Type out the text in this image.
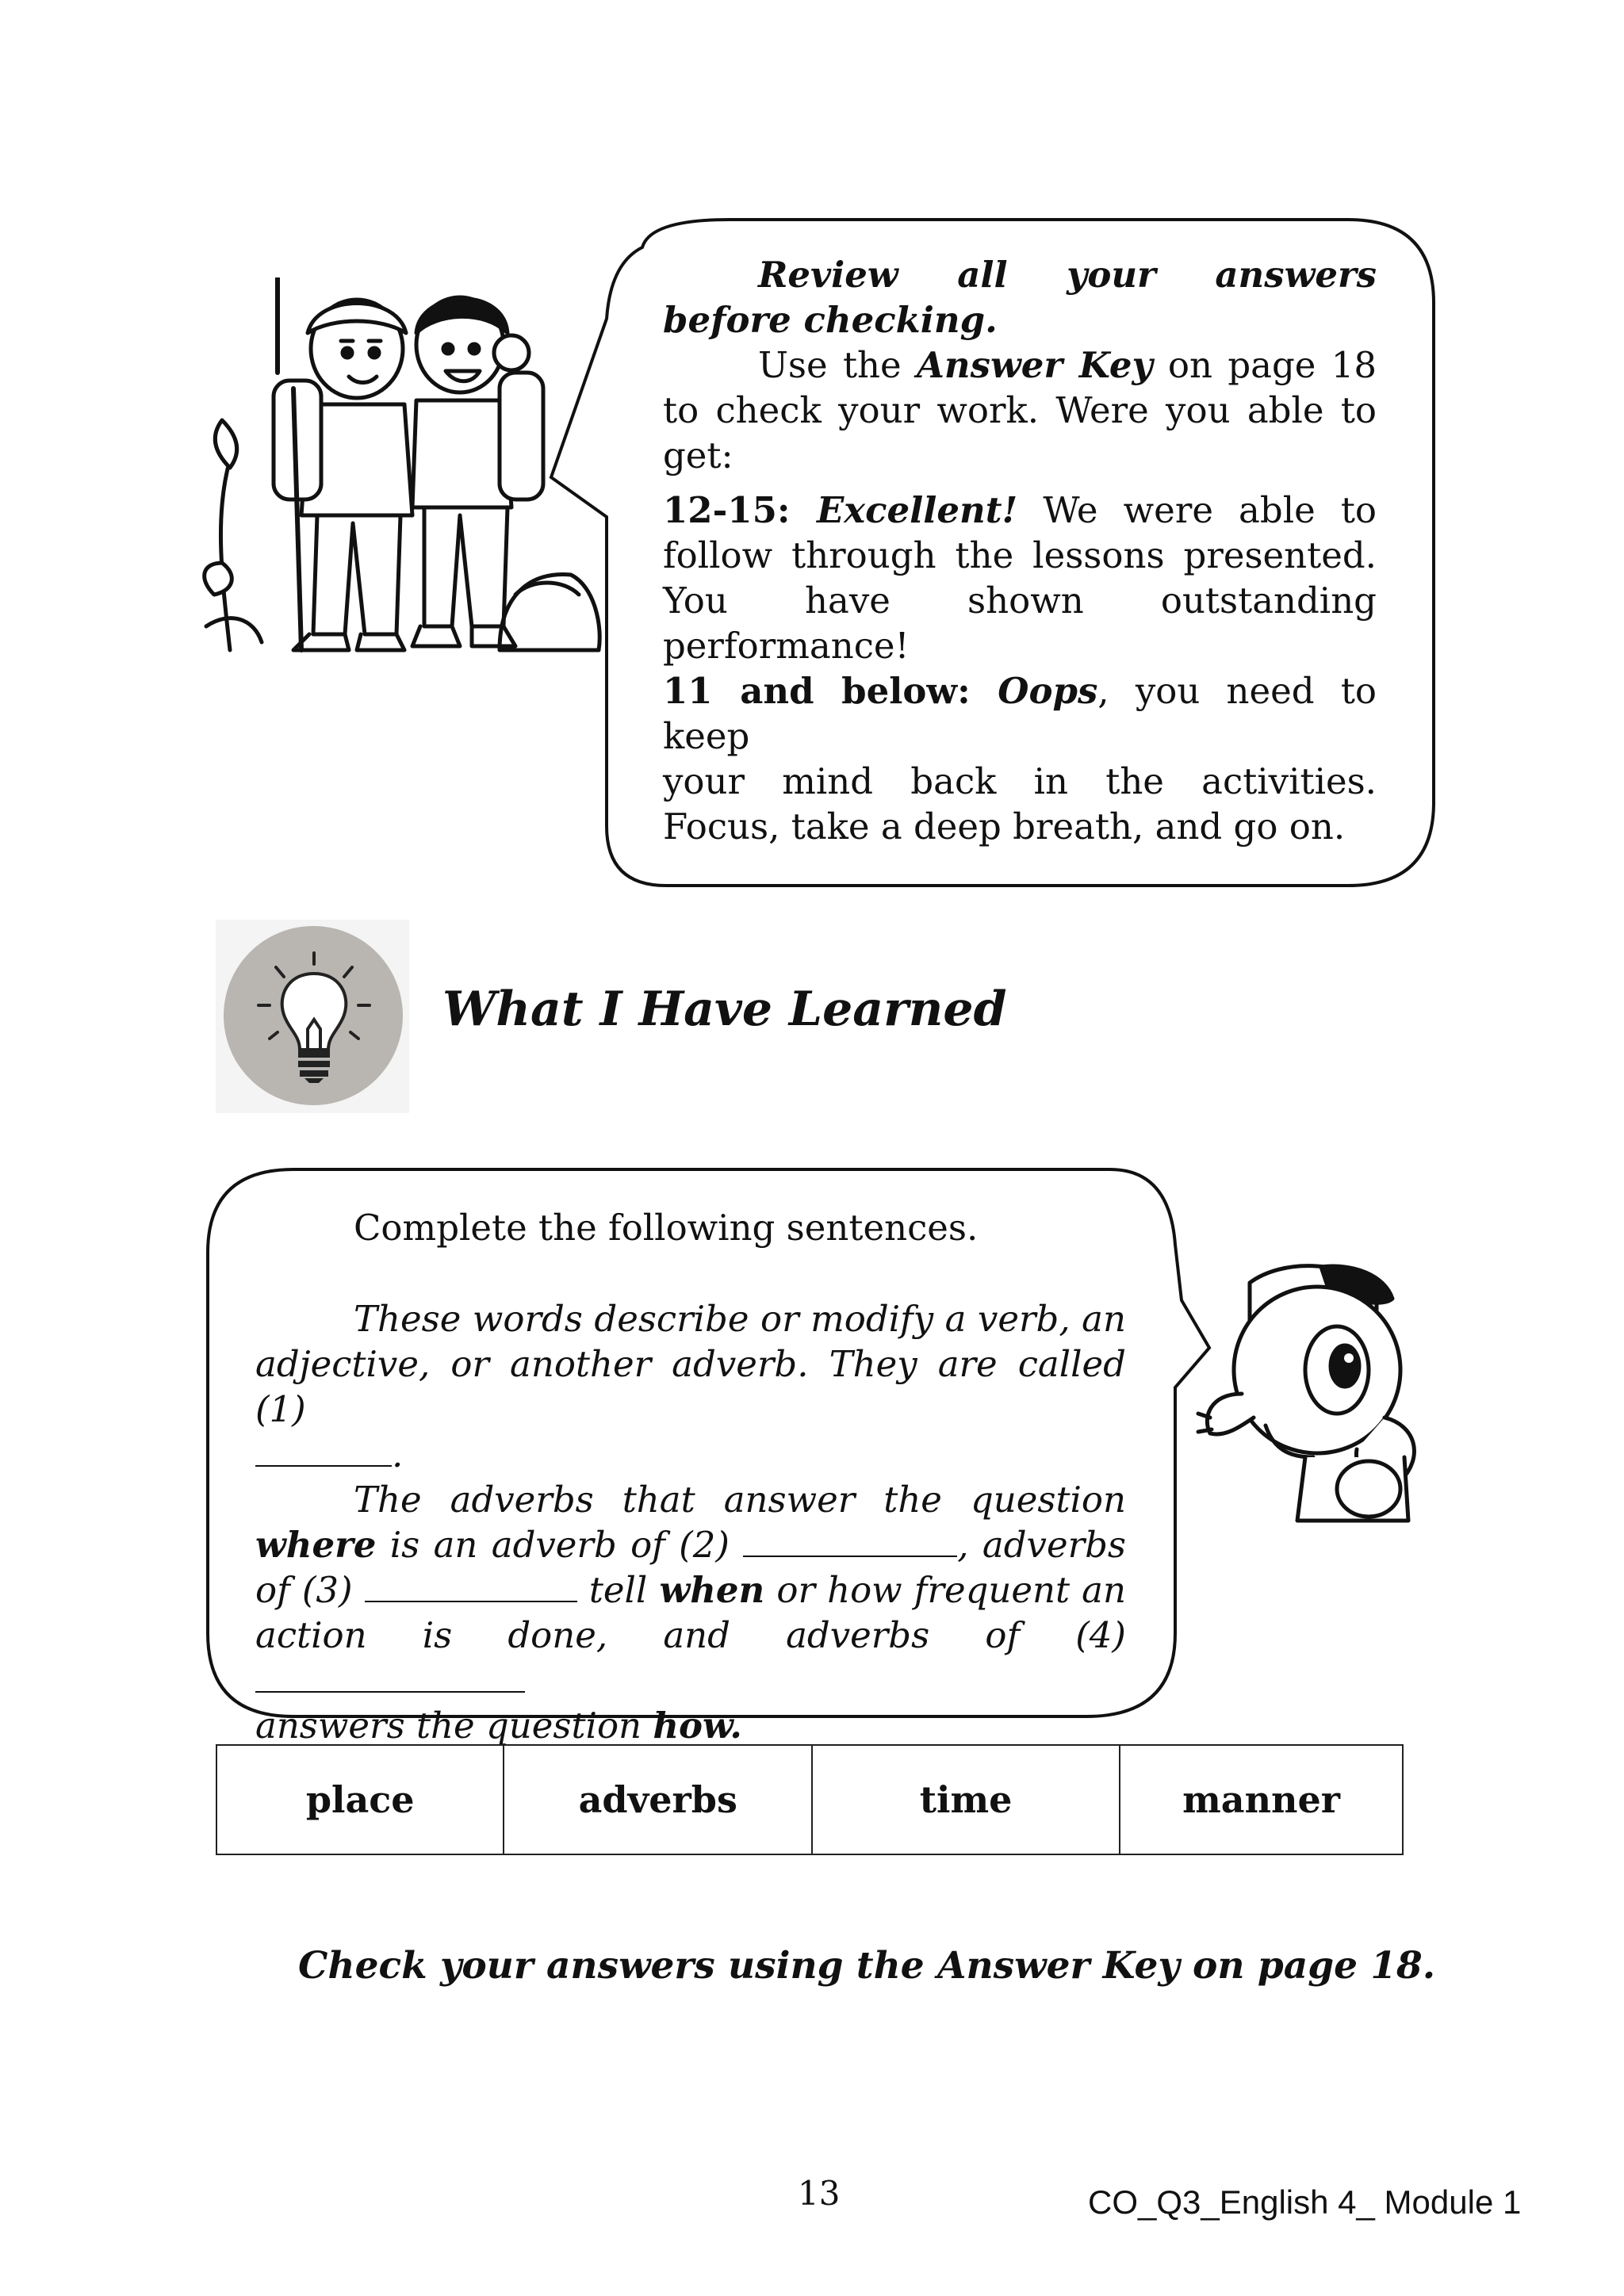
Review all your answers

before checking.

Use the Answer Key on page 18

to check your work. Were you able to

get:

12-15: Excellent! We were able to

follow through the lessons presented.

You have shown outstanding

performance!

11 and below: Oops, you need to keep

your mind back in the activities.

Focus, take a deep breath, and go on.

What I Have Learned

Complete the following sentences.

These words describe or modify a verb, an

adjective, or another adverb. They are called (1)

.

The adverbs that answer the question

where is an adverb of (2)	, adverbs

of (3)	tell when or how frequent an

action is done, and adverbs of (4)

answers the question how.

place	adverbs	time	manner
Check your answers using the Answer Key on page 18.
13	CO_Q3_English 4_ Module 1
